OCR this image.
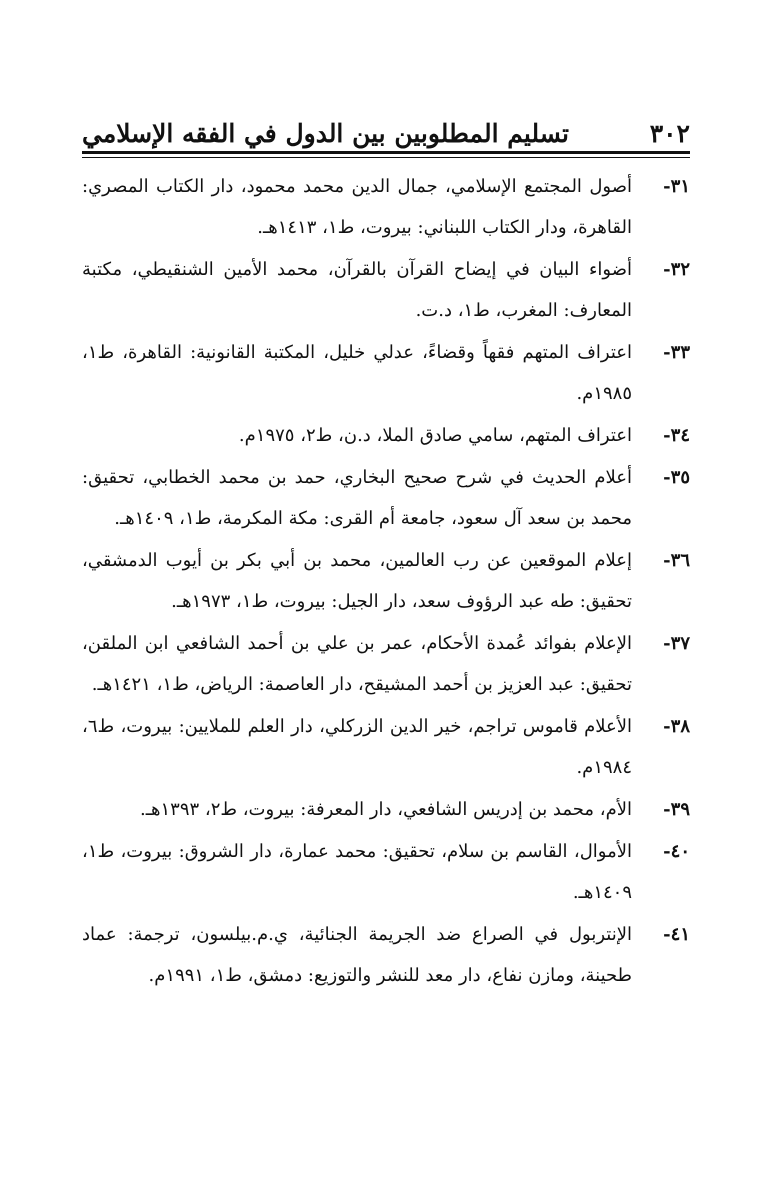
٣٠٢
تسليم المطلوبين بين الدول في الفقه الإسلامي
٣١-
أصول المجتمع الإسلامي، جمال الدين محمد محمود، دار الكتاب المصري: القاهرة، ودار الكتاب اللبناني: بيروت، ط١، ١٤١٣هـ.
٣٢-
أضواء البيان في إيضاح القرآن بالقرآن، محمد الأمين الشنقيطي، مكتبة المعارف: المغرب، ط١، د.ت.
٣٣-
اعتراف المتهم فقهاً وقضاءً، عدلي خليل، المكتبة القانونية: القاهرة، ط١، ١٩٨٥م.
٣٤-
اعتراف المتهم، سامي صادق الملا، د.ن، ط٢، ١٩٧٥م.
٣٥-
أعلام الحديث في شرح صحيح البخاري، حمد بن محمد الخطابي، تحقيق: محمد بن سعد آل سعود، جامعة أم القرى: مكة المكرمة، ط١، ١٤٠٩هـ.
٣٦-
إعلام الموقعين عن رب العالمين، محمد بن أبي بكر بن أيوب الدمشقي، تحقيق: طه عبد الرؤوف سعد، دار الجيل: بيروت، ط١، ١٩٧٣هـ.
٣٧-
الإعلام بفوائد عُمدة الأحكام، عمر بن علي بن أحمد الشافعي ابن الملقن، تحقيق: عبد العزيز بن أحمد المشيقح، دار العاصمة: الرياض، ط١، ١٤٢١هـ.
٣٨-
الأعلام قاموس تراجم، خير الدين الزركلي، دار العلم للملايين: بيروت، ط٦، ١٩٨٤م.
٣٩-
الأم، محمد بن إدريس الشافعي، دار المعرفة: بيروت، ط٢، ١٣٩٣هـ.
٤٠-
الأموال، القاسم بن سلام، تحقيق: محمد عمارة، دار الشروق: بيروت، ط١، ١٤٠٩هـ.
٤١-
الإنتربول في الصراع ضد الجريمة الجنائية، ي.م.بيلسون، ترجمة: عماد طحينة، ومازن نفاع، دار معد للنشر والتوزيع: دمشق، ط١، ١٩٩١م.
